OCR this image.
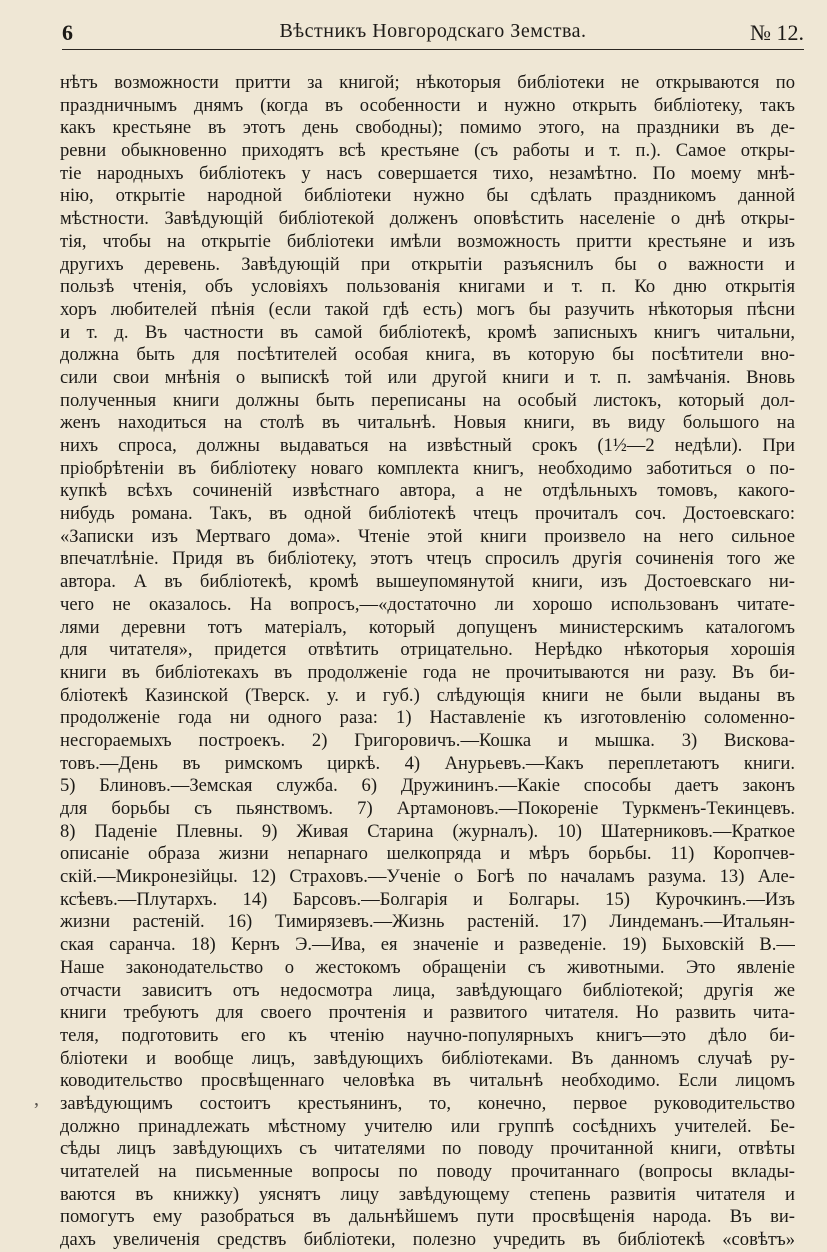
6	Вѣстникъ Новгородскаго Земства.	№ 12.
нѣтъ возможности притти за книгой; нѣкоторыя библiотеки не открываются по
праздничнымъ днямъ (когда въ особенности и нужно открыть библiотеку, такъ
какъ крестьяне въ этотъ день свободны); помимо этого, на праздники въ де-
ревни обыкновенно приходятъ всѣ крестьяне (съ работы и т. п.). Самое откры-
тiе народныхъ библiотекъ у насъ совершается тихо, незамѣтно. По моему мнѣ-
нiю, открытiе народной библiотеки нужно бы сдѣлать праздникомъ данной
мѣстности. Завѣдующiй библiотекой долженъ оповѣстить населенiе о днѣ откры-
тiя, чтобы на открытiе библiотеки имѣли возможность притти крестьяне и изъ
другихъ деревень. Завѣдующiй при открытiи разъяснилъ бы о важности и
пользѣ чтенiя, объ условiяхъ пользованiя книгами и т. п. Ко дню открытiя
хоръ любителей пѣнiя (если такой гдѣ есть) могъ бы разучить нѣкоторыя пѣсни
и т. д. Въ частности въ самой библiотекѣ, кромѣ записныхъ книгъ читальни,
должна быть для посѣтителей особая книга, въ которую бы посѣтители вно-
сили свои мнѣнiя о выпискѣ той или другой книги и т. п. замѣчанiя. Вновь
полученныя книги должны быть переписаны на особый листокъ, который дол-
женъ находиться на столѣ въ читальнѣ. Новыя книги, въ виду большого на
нихъ спроса, должны выдаваться на извѣстный срокъ (1½—2 недѣли). При
прiобрѣтенiи въ библiотеку новаго комплекта книгъ, необходимо заботиться о по-
купкѣ всѣхъ сочиненiй извѣстнаго автора, а не отдѣльныхъ томовъ, какого-
нибудь романа. Такъ, въ одной библiотекѣ чтецъ прочиталъ соч. Достоевскаго:
«Записки изъ Мертваго дома». Чтенiе этой книги произвело на него сильное
впечатлѣнiе. Придя въ библiотеку, этотъ чтецъ спросилъ другiя сочиненiя того же
автора. А въ библiотекѣ, кромѣ вышеупомянутой книги, изъ Достоевскаго ни-
чего не оказалось. На вопросъ,—«достаточно ли хорошо использованъ читате-
лями деревни тотъ матерiалъ, который допущенъ министерскимъ каталогомъ
для читателя», придется отвѣтить отрицательно. Нерѣдко нѣкоторыя хорошiя
книги въ библiотекахъ въ продолженiе года не прочитываются ни разу. Въ би-
блiотекѣ Казинской (Тверск. у. и губ.) слѣдующiя книги не были выданы въ
продолженiе года ни одного раза: 1) Наставленiе къ изготовленiю соломенно-
несгораемыхъ построекъ. 2) Григоровичъ.—Кошка и мышка. 3) Вискова-
товъ.—День въ римскомъ циркѣ. 4) Анурьевъ.—Какъ переплетаютъ книги.
5) Блиновъ.—Земская служба. 6) Дружининъ.—Какiе способы даетъ законъ
для борьбы съ пьянствомъ. 7) Артамоновъ.—Покоренiе Туркменъ-Текинцевъ.
8) Паденiе Плевны. 9) Живая Старина (журналъ). 10) Шатерниковъ.—Краткое
описанiе образа жизни непарнаго шелкопряда и мѣръ борьбы. 11) Коропчев-
скiй.—Микронезiйцы. 12) Страховъ.—Ученiе о Богѣ по началамъ разума. 13) Але-
ксѣевъ.—Плутархъ. 14) Барсовъ.—Болгарiя и Болгары. 15) Курочкинъ.—Изъ
жизни растенiй. 16) Тимирязевъ.—Жизнь растенiй. 17) Линдеманъ.—Итальян-
ская саранча. 18) Кернъ Э.—Ива, ея значенiе и разведенiе. 19) Быховскiй В.—
Наше законодательство о жестокомъ обращенiи съ животными. Это явленiе
отчасти зависитъ отъ недосмотра лица, завѣдующаго библiотекой; другiя же
книги требуютъ для своего прочтенiя и развитого читателя. Но развить чита-
теля, подготовить его къ чтенiю научно-популярныхъ книгъ—это дѣло би-
блiотеки и вообще лицъ, завѣдующихъ библiотеками. Въ данномъ случаѣ ру-
ководительство просвѣщеннаго человѣка въ читальнѣ необходимо. Если лицомъ
завѣдующимъ состоитъ крестьянинъ, то, конечно, первое руководительство
должно принадлежать мѣстному учителю или группѣ сосѣднихъ учителей. Бе-
сѣды лицъ завѣдующихъ съ читателями по поводу прочитанной книги, отвѣты
читателей на письменные вопросы по поводу прочитаннаго (вопросы вклады-
ваются въ книжку) уяснятъ лицу завѣдующему степень развитiя читателя и
помогутъ ему разобраться въ дальнѣйшемъ пути просвѣщенiя народа. Въ ви-
дахъ увеличенiя средствъ библiотеки, полезно учредить въ библiотекѣ «совѣтъ»
,
